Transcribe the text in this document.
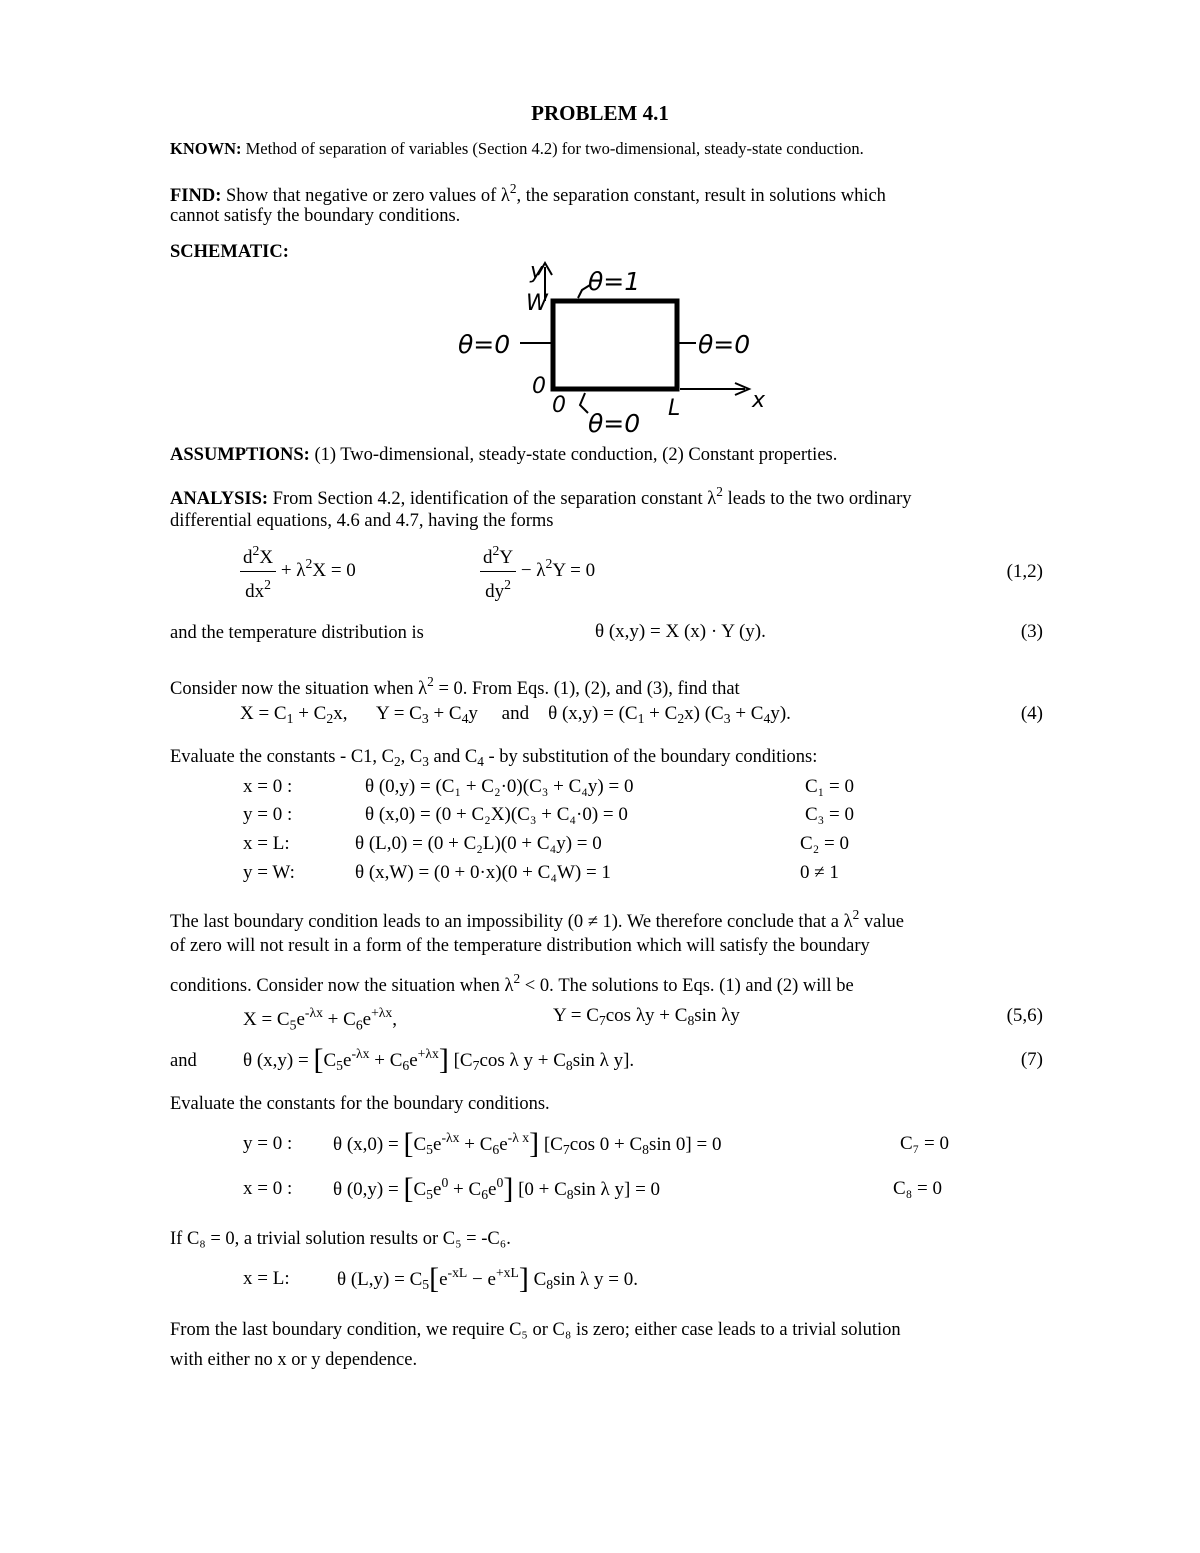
PROBLEM 4.1
KNOWN: Method of separation of variables (Section 4.2) for two-dimensional, steady-state conduction.
FIND: Show that negative or zero values of $\lambda^2$, the separation constant, result in solutions which
cannot satisfy the boundary conditions.
SCHEMATIC:
y
W
θ=1
θ=0	θ=0
0
0	L	x
θ=0
ASSUMPTIONS: (1) Two-dimensional, steady-state conduction, (2) Constant properties.
ANALYSIS: From Section 4.2, identification of the separation constant $\lambda^2$ leads to the two ordinary
differential equations, 4.6 and 4.7, having the forms
$\frac{d^2X}{dx^2} + \lambda^2X = 0$	$\frac{d^2Y}{dy^2} - \lambda^2Y = 0$	(1,2)
and the temperature distribution is	θ (x,y) = X (x) · Y (y).	(3)
Consider now the situation when $\lambda^2 = 0$. From Eqs. (1), (2), and (3), find that
$X = C_1 + C_2x$,      $Y = C_3 + C_4y$     and    θ $(x,y) = (C_1 + C_2x) (C_3 + C_4y)$.	(4)
Evaluate the constants - C1, $C_2$, $C_3$ and $C_4$ - by substitution of the boundary conditions:
x = 0 :	θ (0,y) = (C₁ + C₂·0)(C₃ + C₄y) = 0	C₁ = 0
y = 0 :	θ (x,0) = (0 + C₂X)(C₃ + C₄·0) = 0	C₃ = 0
x = L:	θ (L,0) = (0 + C₂L)(0 + C₄y) = 0	C₂ = 0
y = W:	θ (x,W) = (0 + 0·x)(0 + C₄W) = 1	0 ≠ 1
The last boundary condition leads to an impossibility (0 ≠ 1). We therefore conclude that a $\lambda^2$ value
of zero will not result in a form of the temperature distribution which will satisfy the boundary
conditions. Consider now the situation when $\lambda^2 < 0$. The solutions to Eqs. (1) and (2) will be
$X = C_5e^{-\lambda x} + C_6e^{+\lambda x}$,	$Y = C_7\cos$ $\lambda y + C_8\sin$ λy	(5,6)
and θ $(x,y) = [C_5e^{-\lambda x} + C_6e^{+\lambda x}]$ [$C_7\cos$ λ $y + C_8\sin$ λ y].	(7)
Evaluate the constants for the boundary conditions.
y = 0 : θ $(x,0) = [C_5e^{-\lambda x} + C_6e^{-\lambda x}]$ [$C_7\cos$ $0 + C_8\sin$ 0] = 0	C₇ = 0
x = 0 : θ $(0,y) = [C_5e^0 + C_6e^0] [0 + C_8\sin$ λ y] = 0	C₈ = 0
If C₈ = 0, a trivial solution results or C₅ = -C₆.
x = L: θ $(L,y) = C_5[e^{-xL} - e^{+xL}]$ $C_8\sin$ λ y = 0.
From the last boundary condition, we require C₅ or C₈ is zero; either case leads to a trivial solution
with either no x or y dependence.
